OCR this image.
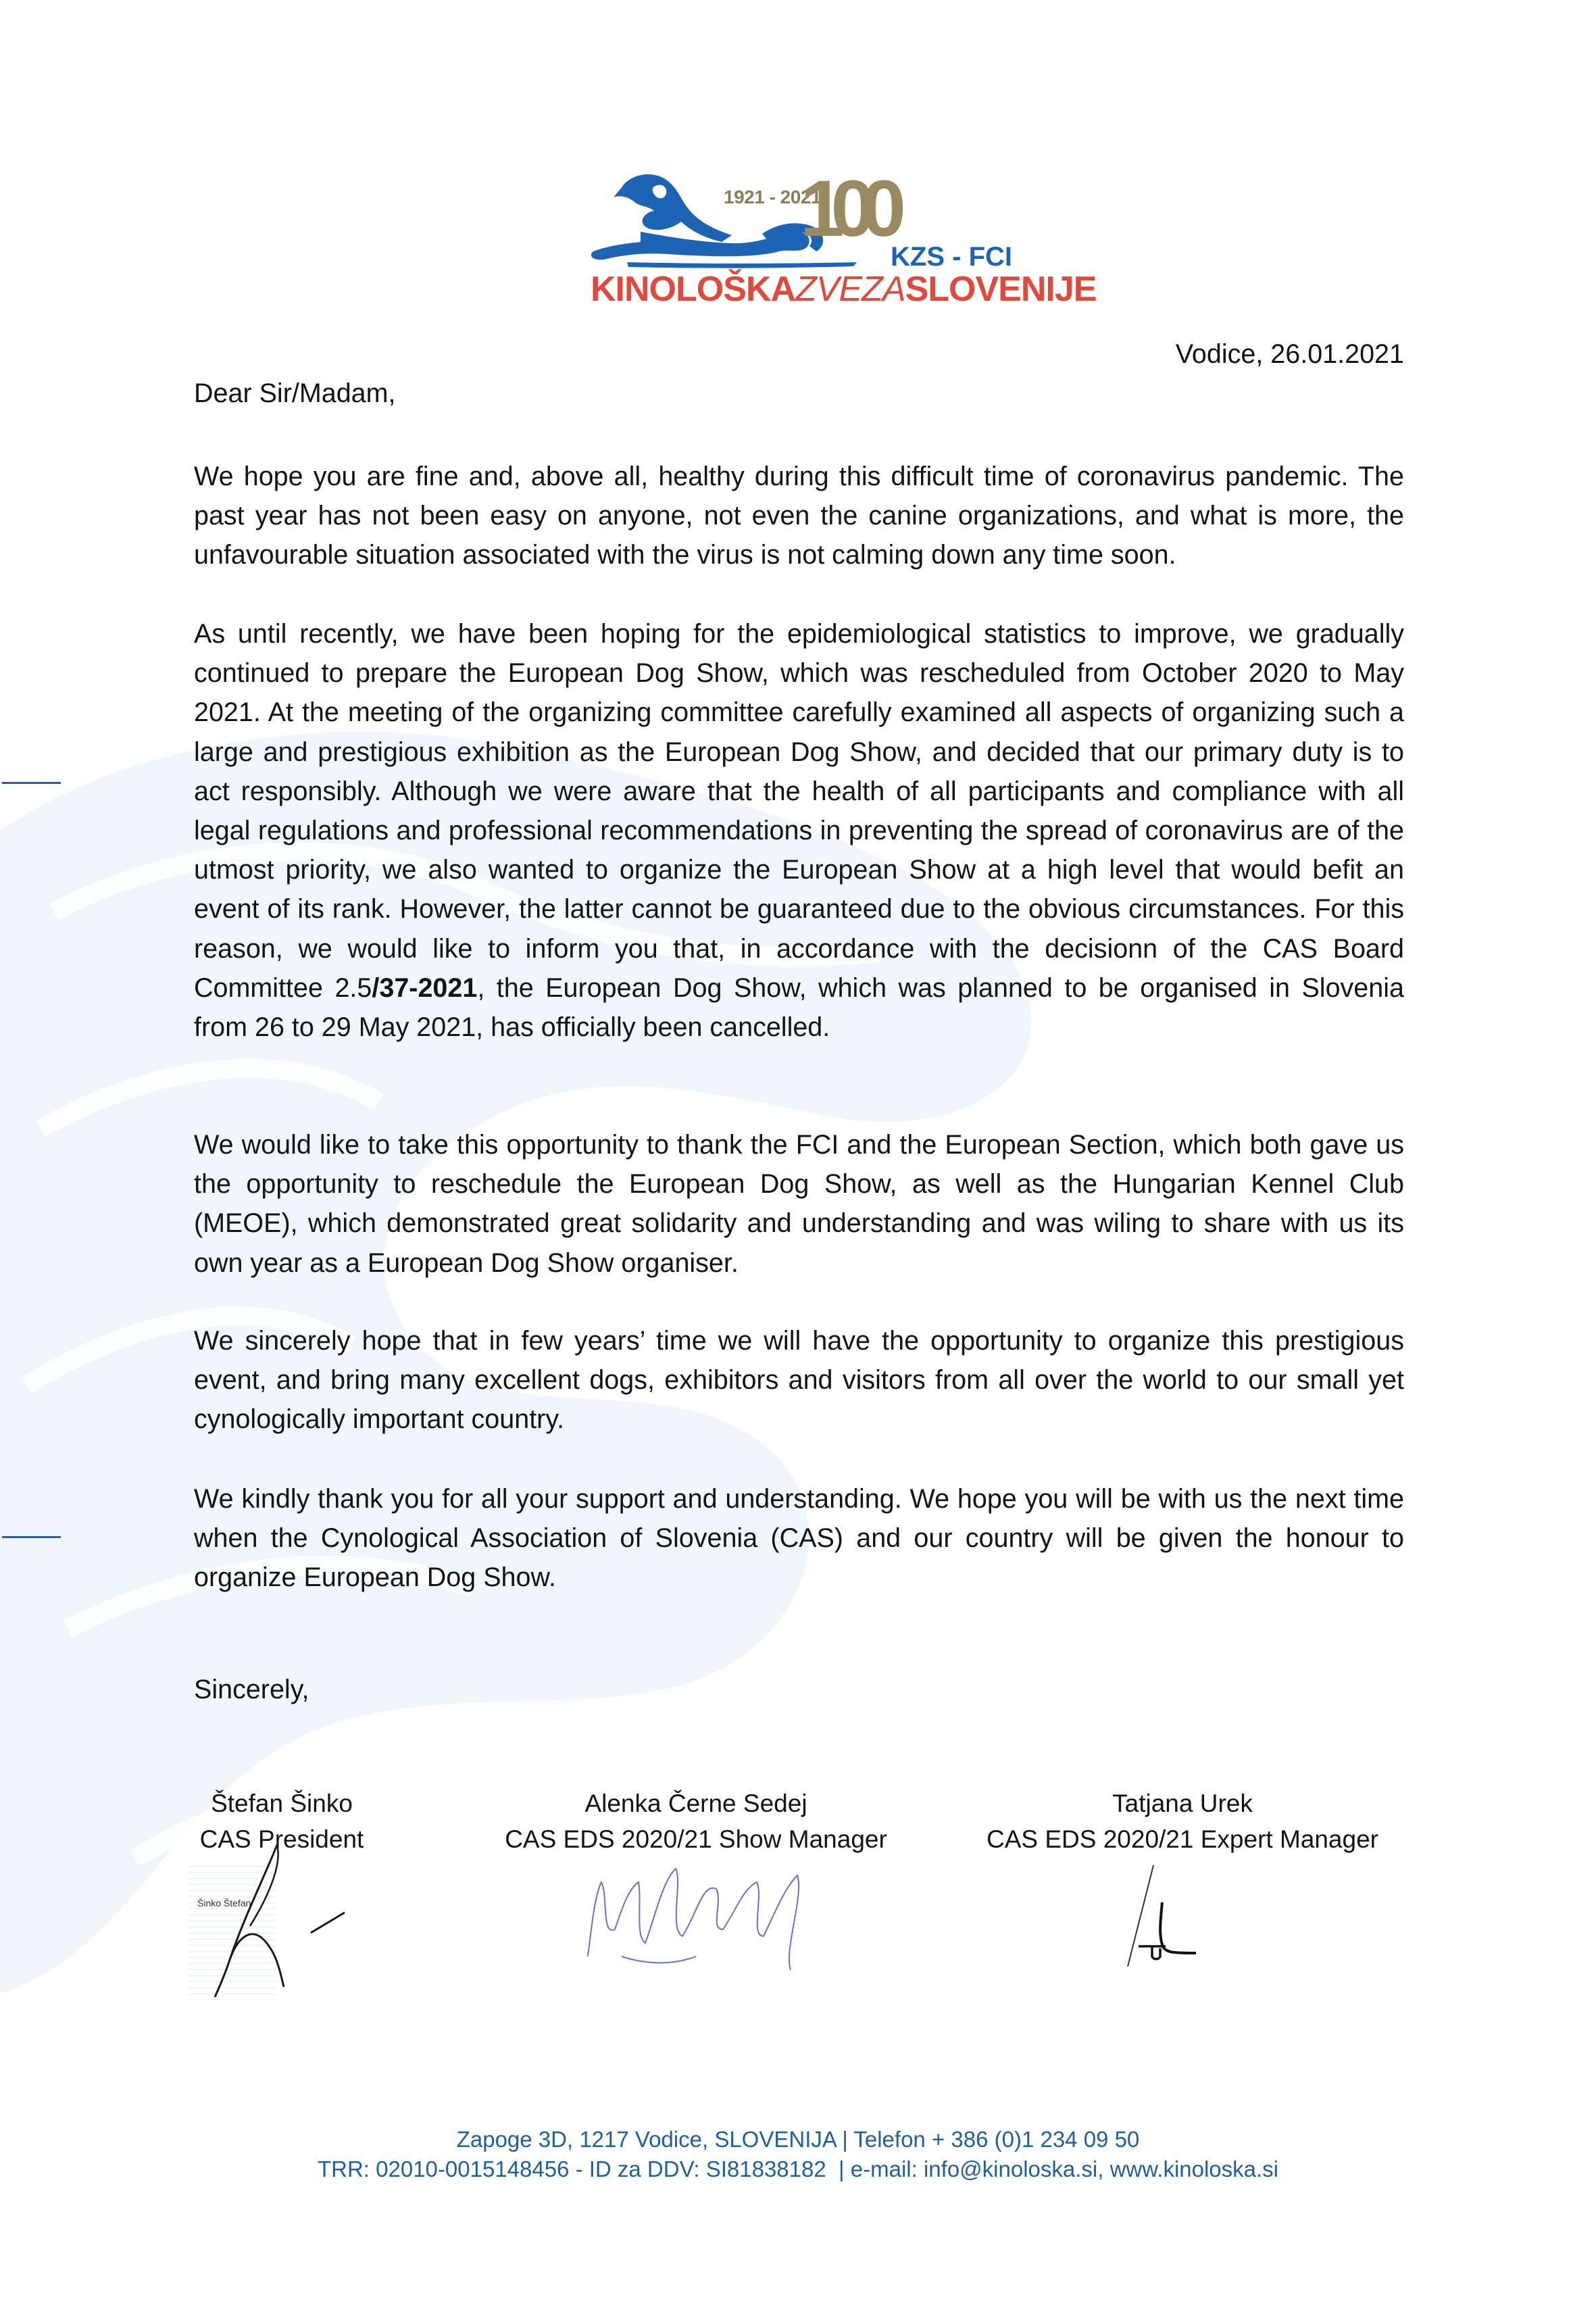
1921 - 2021
100
KZS - FCI
KINOLOŠKAZVEZASLOVENIJE
Vodice, 26.01.2021
Dear Sir/Madam,

We hope you are fine and, above all, healthy during this difficult time of coronavirus pandemic. The past year has not been easy on anyone, not even the canine organizations, and what is more, the unfavourable situation associated with the virus is not calming down any time soon.

As until recently, we have been hoping for the epidemiological statistics to improve, we gradually continued to prepare the European Dog Show, which was rescheduled from October 2020 to May 2021. At the meeting of the organizing committee carefully examined all aspects of organizing such a large and prestigious exhibition as the European Dog Show, and decided that our primary duty is to act responsibly. Although we were aware that the health of all participants and compliance with all legal regulations and professional recommendations in preventing the spread of coronavirus are of the utmost priority, we also wanted to organize the European Show at a high level that would befit an event of its rank. However, the latter cannot be guaranteed due to the obvious circumstances. For this reason, we would like to inform you that, in accordance with the decisionn of the CAS Board Committee 2.5/37-2021, the European Dog Show, which was planned to be organised in Slovenia from 26 to 29 May 2021, has officially been cancelled.

We would like to take this opportunity to thank the FCI and the European Section, which both gave us the opportunity to reschedule the European Dog Show, as well as the Hungarian Kennel Club (MEOE), which demonstrated great solidarity and understanding and was wiling to share with us its own year as a European Dog Show organiser.

We sincerely hope that in few years’ time we will have the opportunity to organize this prestigious event, and bring many excellent dogs, exhibitors and visitors from all over the world to our small yet cynologically important country.

We kindly thank you for all your support and understanding. We hope you will be with us the next time when the Cynological Association of Slovenia (CAS) and our country will be given the honour to organize European Dog Show.

Sincerely,
Štefan Šinko
CAS President
Alenka Černe Sedej
CAS EDS 2020/21 Show Manager
Tatjana Urek
CAS EDS 2020/21 Expert Manager
Šinko Štefan
Zapoge 3D, 1217 Vodice, SLOVENIJA | Telefon + 386 (0)1 234 09 50
TRR: 02010-0015148456 - ID za DDV: SI81838182  | e-mail: info@kinoloska.si, www.kinoloska.si
